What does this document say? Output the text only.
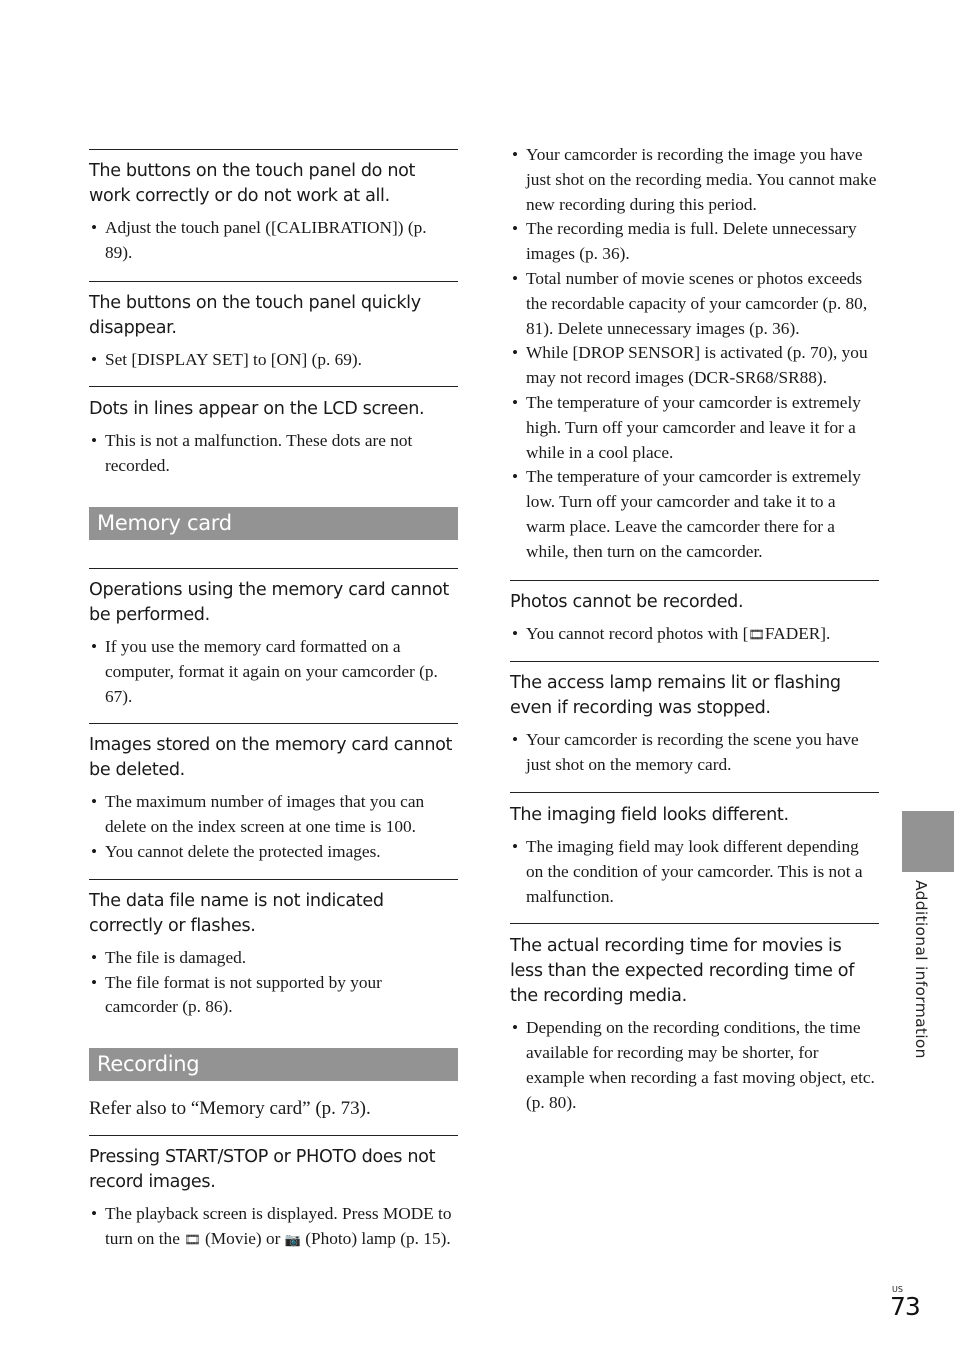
The buttons on the touch panel do not work correctly or do not work at all.

• Adjust the touch panel ([CALIBRATION]) (p. 89).

The buttons on the touch panel quickly disappear.

• Set [DISPLAY SET] to [ON] (p. 69).

Dots in lines appear on the LCD screen.

• This is not a malfunction. These dots are not recorded.
Memory card

Operations using the memory card cannot be performed.

• If you use the memory card formatted on a computer, format it again on your camcorder (p. 67).

Images stored on the memory card cannot be deleted.

• The maximum number of images that you can delete on the index screen at one time is 100.
• You cannot delete the protected images.

The data file name is not indicated correctly or flashes.

• The file is damaged.
• The file format is not supported by your camcorder (p. 86).
Recording

Refer also to “Memory card” (p. 73).

Pressing START/STOP or PHOTO does not record images.

• The playback screen is displayed. Press MODE to turn on the 🎞 (Movie) or 📷 (Photo) lamp (p. 15).
• Your camcorder is recording the image you have just shot on the recording media. You cannot make new recording during this period.
• The recording media is full. Delete unnecessary images (p. 36).
• Total number of movie scenes or photos exceeds the recordable capacity of your camcorder (p. 80, 81). Delete unnecessary images (p. 36).
• While [DROP SENSOR] is activated (p. 70), you may not record images (DCR-SR68/SR88).
• The temperature of your camcorder is extremely high. Turn off your camcorder and leave it for a while in a cool place.
• The temperature of your camcorder is extremely low. Turn off your camcorder and take it to a warm place. Leave the camcorder there for a while, then turn on the camcorder.

Photos cannot be recorded.

• You cannot record photos with [🎞FADER].

The access lamp remains lit or flashing even if recording was stopped.

• Your camcorder is recording the scene you have just shot on the memory card.

The imaging field looks different.

• The imaging field may look different depending on the condition of your camcorder. This is not a malfunction.

The actual recording time for movies is less than the expected recording time of the recording media.

• Depending on the recording conditions, the time available for recording may be shorter, for example when recording a fast moving object, etc. (p. 80).
Additional information
US
73
